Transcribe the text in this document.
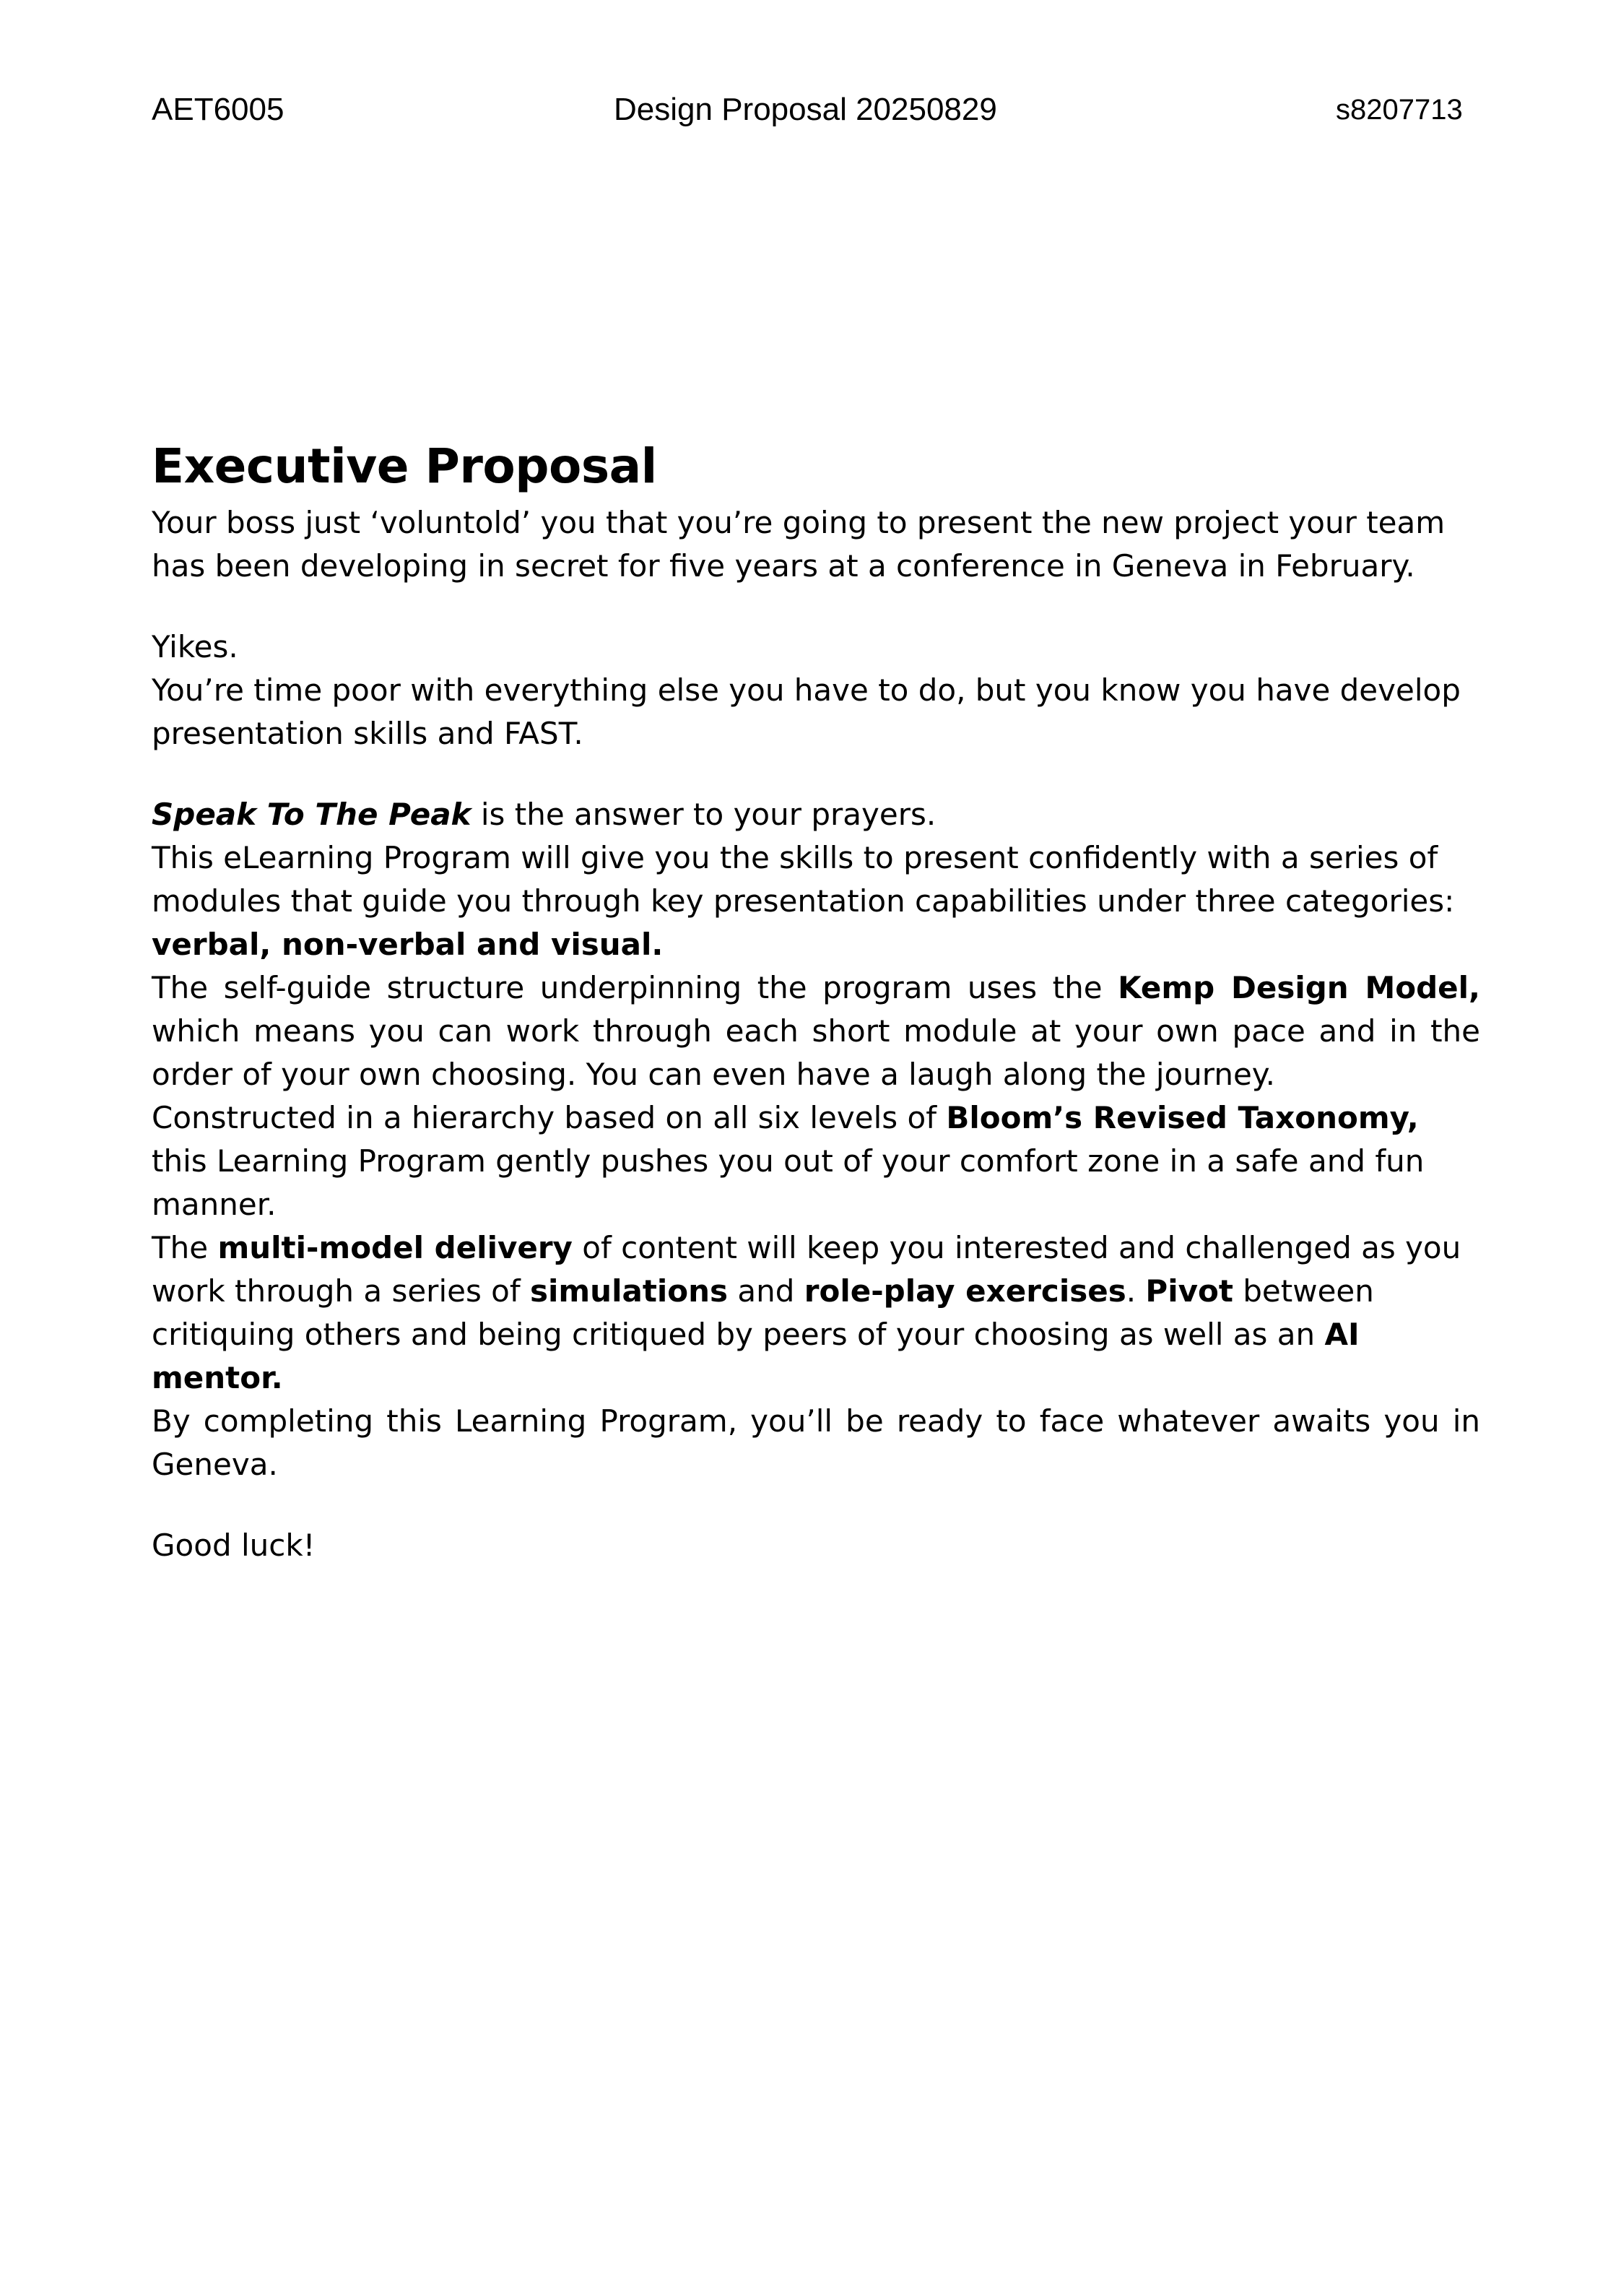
AET6005	Design Proposal 20250829	s8207713
Executive Proposal

Your boss just ‘voluntold’ you that you’re going to present the new project your team has been developing in secret for five years at a conference in Geneva in February.

Yikes.

You’re time poor with everything else you have to do, but you know you have develop presentation skills and FAST.

Speak To The Peak is the answer to your prayers.

This eLearning Program will give you the skills to present confidently with a series of modules that guide you through key presentation capabilities under three categories: verbal, non-verbal and visual.

The self-guide structure underpinning the program uses the Kemp Design Model, which means you can work through each short module at your own pace and in the order of your own choosing. You can even have a laugh along the journey.

Constructed in a hierarchy based on all six levels of Bloom’s Revised Taxonomy, this Learning Program gently pushes you out of your comfort zone in a safe and fun manner.

The multi-model delivery of content will keep you interested and challenged as you work through a series of simulations and role-play exercises. Pivot between critiquing others and being critiqued by peers of your choosing as well as an AI mentor.

By completing this Learning Program, you’ll be ready to face whatever awaits you in Geneva.

Good luck!
